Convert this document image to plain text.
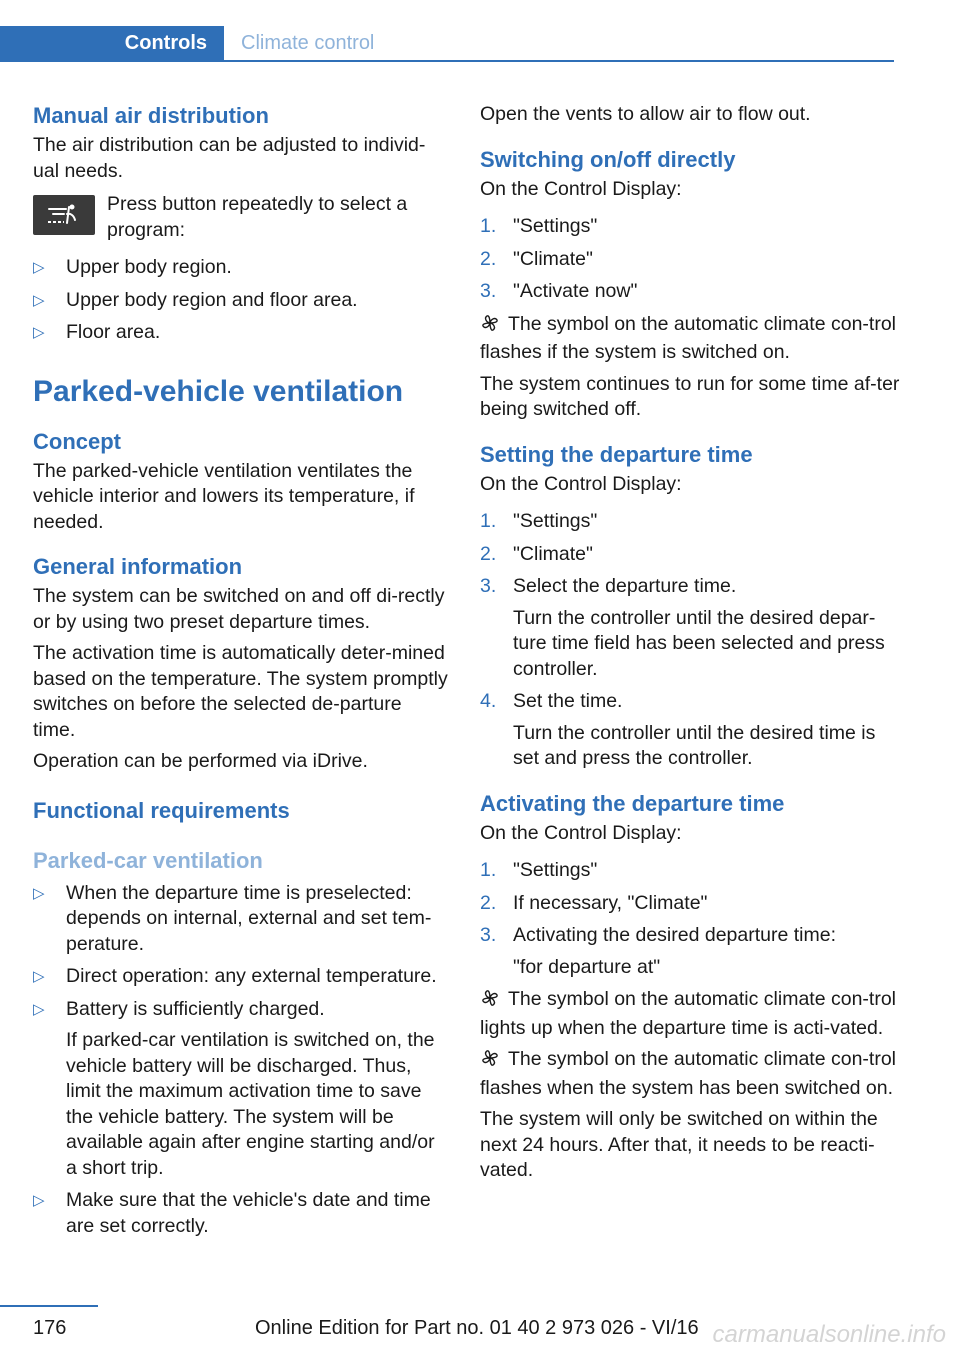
Controls	Climate control
Manual air distribution

The air distribution can be adjusted to individ‐ual needs.

Press button repeatedly to select a program:
▷ Upper body region.
▷ Upper body region and floor area.
▷ Floor area.
Parked-vehicle ventilation
Concept

The parked-vehicle ventilation ventilates the vehicle interior and lowers its temperature, if needed.

General information

The system can be switched on and off di‐rectly or by using two preset departure times.

The activation time is automatically deter‐mined based on the temperature. The system promptly switches on before the selected de‐parture time.

Operation can be performed via iDrive.

Functional requirements
Parked-car ventilation
▷ When the departure time is preselected: depends on internal, external and set tem‐perature.
▷ Direct operation: any external temperature.
▷ Battery is sufficiently charged.
If parked-car ventilation is switched on, the vehicle battery will be discharged. Thus, limit the maximum activation time to save the vehicle battery. The system will be available again after engine starting and/or a short trip.
▷ Make sure that the vehicle's date and time are set correctly.

Open the vents to allow air to flow out.

Switching on/off directly

On the Control Display:

1. "Settings"
2. "Climate"
3. "Activate now"

The symbol on the automatic climate con‐trol flashes if the system is switched on.

The system continues to run for some time af‐ter being switched off.

Setting the departure time

On the Control Display:

1. "Settings"
2. "Climate"
3. Select the departure time.
Turn the controller until the desired depar‐ture time field has been selected and press controller.
4. Set the time.
Turn the controller until the desired time is set and press the controller.
Activating the departure time

On the Control Display:

1. "Settings"
2. If necessary, "Climate"
3. Activating the desired departure time:
"for departure at"

The symbol on the automatic climate con‐trol lights up when the departure time is acti‐vated.

The symbol on the automatic climate con‐trol flashes when the system has been switched on.

The system will only be switched on within the next 24 hours. After that, it needs to be reacti‐vated.

176	Online Edition for Part no. 01 40 2 973 026 - VI/16 carmanualsonline.info
